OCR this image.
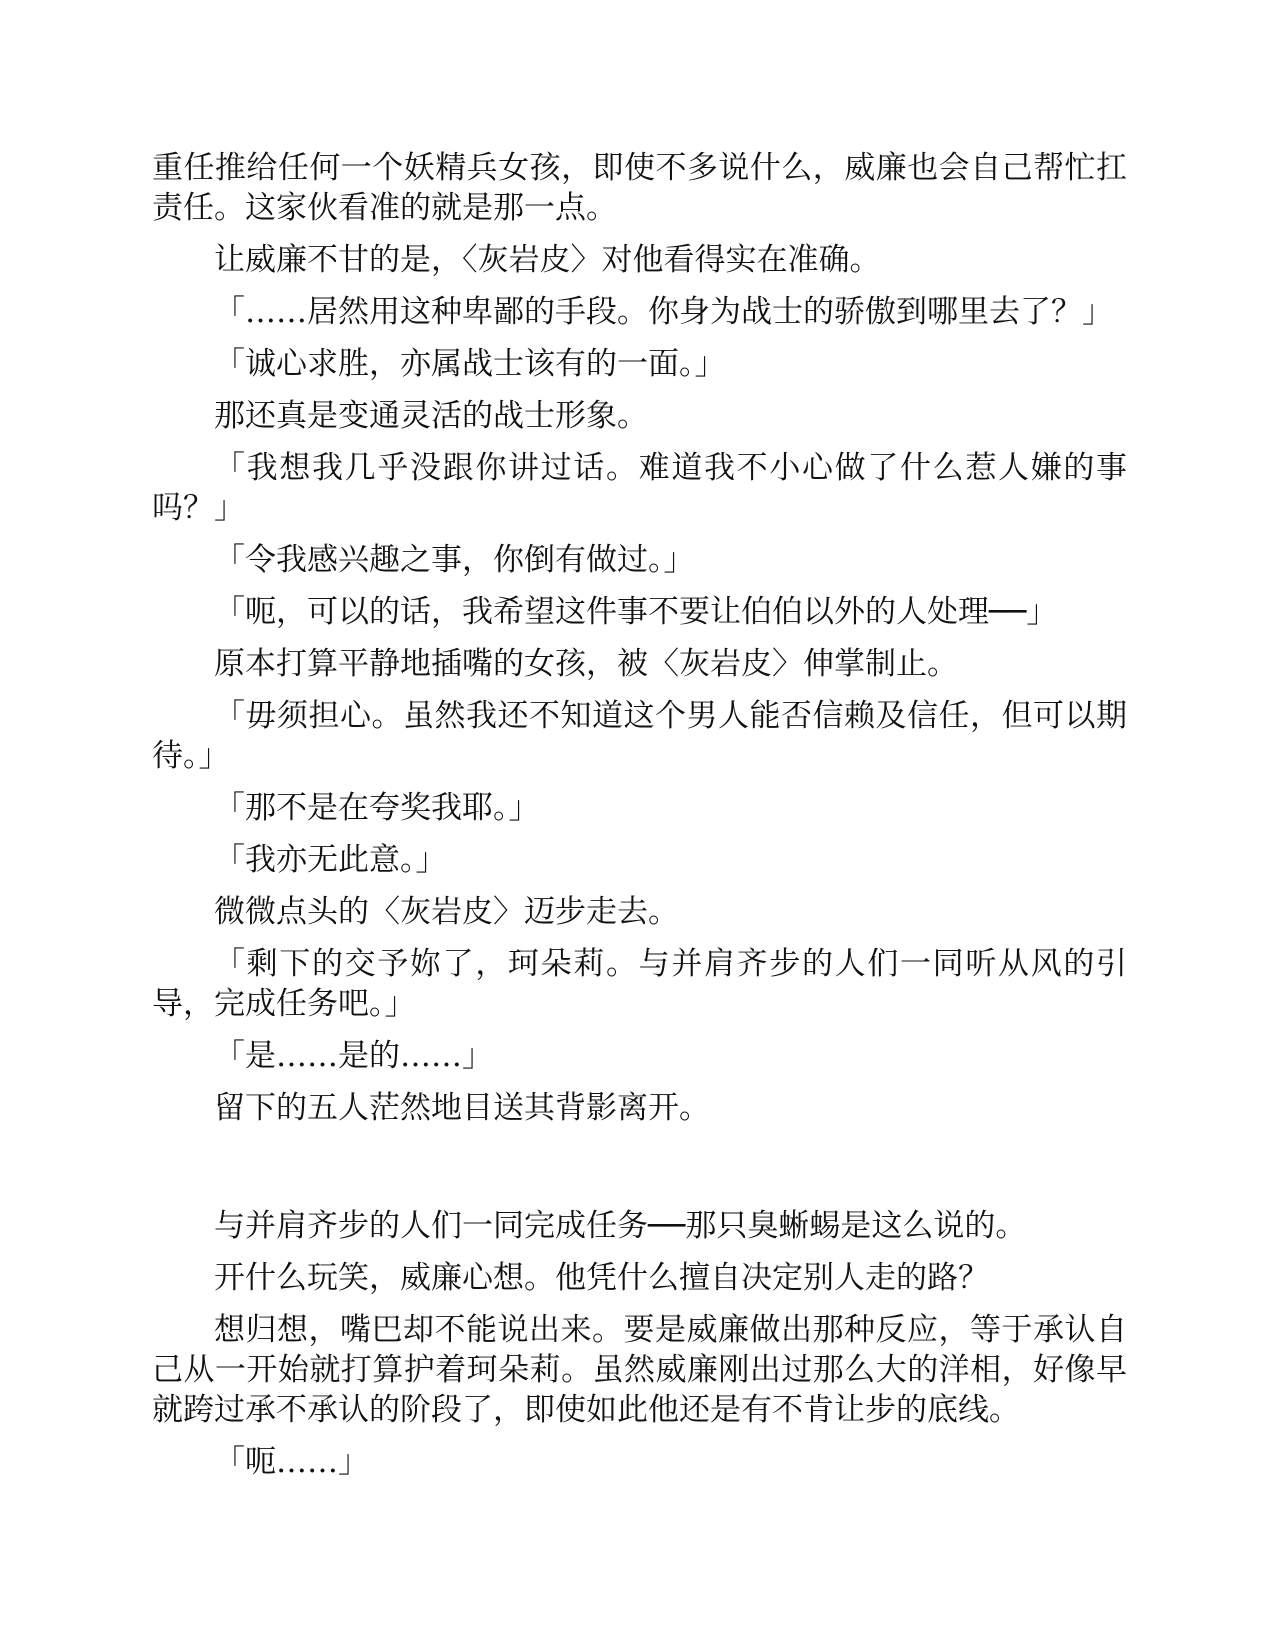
重任推给任何一个妖精兵女孩，即使不多说什么，威廉也会自己帮忙扛责任。这家伙看准的就是那一点。

让威廉不甘的是，〈灰岩皮〉对他看得实在准确。

「……居然用这种卑鄙的手段。你身为战士的骄傲到哪里去了？」

「诚心求胜，亦属战士该有的一面。」

那还真是变通灵活的战士形象。

「我想我几乎没跟你讲过话。难道我不小心做了什么惹人嫌的事吗？」

「令我感兴趣之事，你倒有做过。」

「呃，可以的话，我希望这件事不要让伯伯以外的人处理──」

原本打算平静地插嘴的女孩，被〈灰岩皮〉伸掌制止。

「毋须担心。虽然我还不知道这个男人能否信赖及信任，但可以期待。」

「那不是在夸奖我耶。」

「我亦无此意。」

微微点头的〈灰岩皮〉迈步走去。

「剩下的交予妳了，珂朵莉。与并肩齐步的人们一同听从风的引导，完成任务吧。」

「是……是的……」

留下的五人茫然地目送其背影离开。

与并肩齐步的人们一同完成任务──那只臭蜥蜴是这么说的。

开什么玩笑，威廉心想。他凭什么擅自决定别人走的路？

想归想，嘴巴却不能说出来。要是威廉做出那种反应，等于承认自己从一开始就打算护着珂朵莉。虽然威廉刚出过那么大的洋相，好像早就跨过承不承认的阶段了，即使如此他还是有不肯让步的底线。

「呃……」
